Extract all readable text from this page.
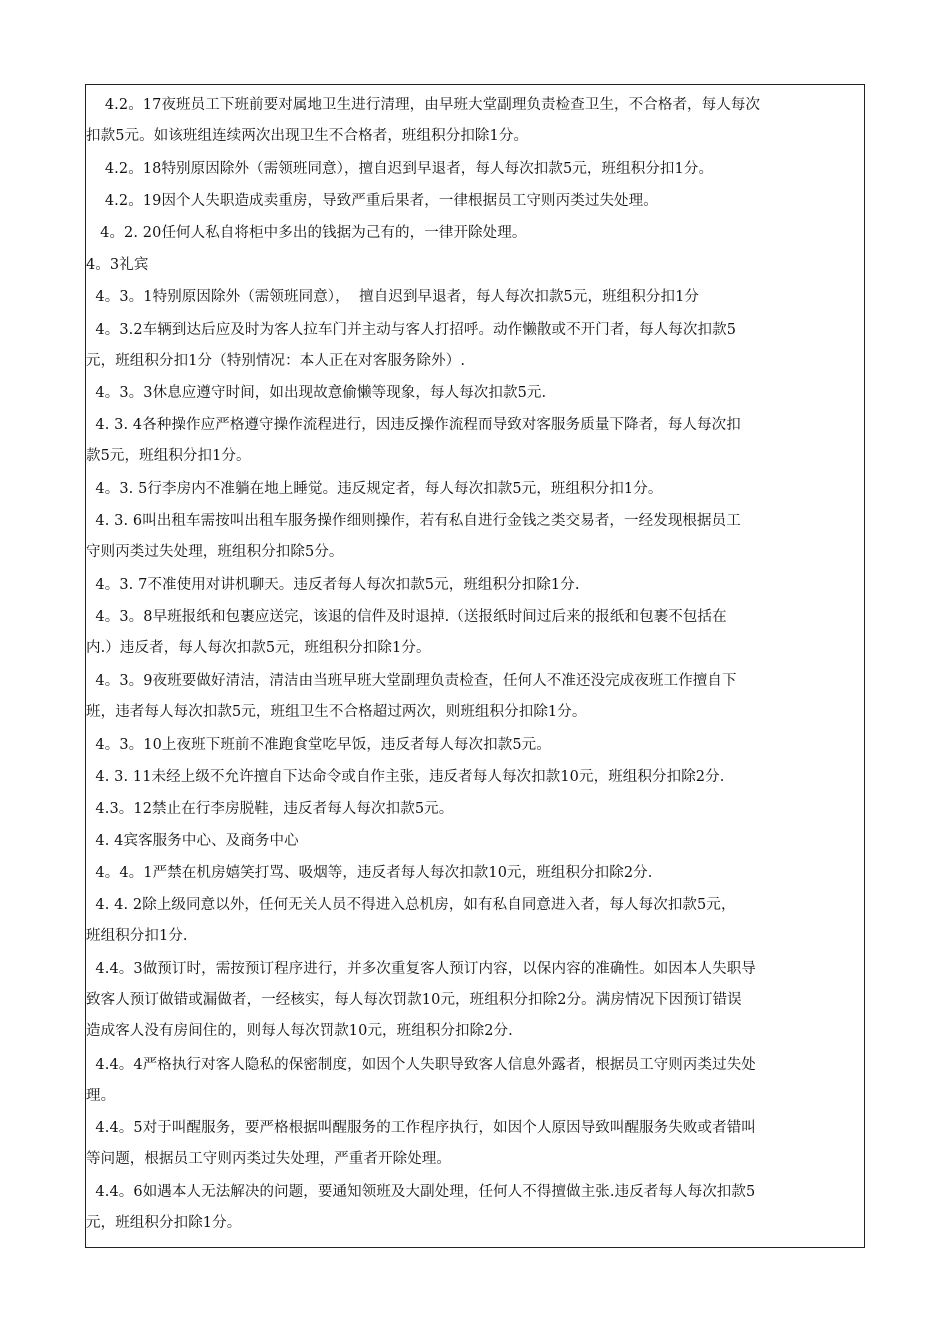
4.2。17夜班员工下班前要对属地卫生进行清理，由早班大堂副理负责检查卫生，不合格者，每人每次
扣款5元。如该班组连续两次出现卫生不合格者，班组积分扣除1分。
4.2。18特别原因除外（需领班同意），擅自迟到早退者，每人每次扣款5元，班组积分扣1分。
4.2。19因个人失职造成卖重房，导致严重后果者，一律根据员工守则丙类过失处理。
4。2. 20任何人私自将柜中多出的钱据为己有的，一律开除处理。
4。3礼宾
4。3。1特别原因除外（需领班同意），  擅自迟到早退者，每人每次扣款5元，班组积分扣1分
4。3.2车辆到达后应及时为客人拉车门并主动与客人打招呼。动作懒散或不开门者，每人每次扣款5
元，班组积分扣1分（特别情况：本人正在对客服务除外）.
4。3。3休息应遵守时间，如出现故意偷懒等现象，每人每次扣款5元.
4. 3. 4各种操作应严格遵守操作流程进行，因违反操作流程而导致对客服务质量下降者，每人每次扣
款5元，班组积分扣1分。
4。3. 5行李房内不准躺在地上睡觉。违反规定者，每人每次扣款5元，班组积分扣1分。
4. 3. 6叫出租车需按叫出租车服务操作细则操作，若有私自进行金钱之类交易者，一经发现根据员工
守则丙类过失处理，班组积分扣除5分。
4。3. 7不准使用对讲机聊天。违反者每人每次扣款5元，班组积分扣除1分.
4。3。8早班报纸和包裹应送完，该退的信件及时退掉.（送报纸时间过后来的报纸和包裹不包括在
内.）违反者，每人每次扣款5元，班组积分扣除1分。
4。3。9夜班要做好清洁，清洁由当班早班大堂副理负责检查，任何人不准还没完成夜班工作擅自下
班，违者每人每次扣款5元，班组卫生不合格超过两次，则班组积分扣除1分。
4。3。10上夜班下班前不准跑食堂吃早饭，违反者每人每次扣款5元。
4. 3. 11未经上级不允许擅自下达命令或自作主张，违反者每人每次扣款10元，班组积分扣除2分.
4.3。12禁止在行李房脱鞋，违反者每人每次扣款5元。
4. 4宾客服务中心、及商务中心
4。4。1严禁在机房嬉笑打骂、吸烟等，违反者每人每次扣款10元，班组积分扣除2分.
4. 4. 2除上级同意以外，任何无关人员不得进入总机房，如有私自同意进入者，每人每次扣款5元，
班组积分扣1分.
4.4。3做预订时，需按预订程序进行，并多次重复客人预订内容，以保内容的准确性。如因本人失职导
致客人预订做错或漏做者，一经核实，每人每次罚款10元，班组积分扣除2分。满房情况下因预订错误
造成客人没有房间住的，则每人每次罚款10元，班组积分扣除2分.
4.4。4严格执行对客人隐私的保密制度，如因个人失职导致客人信息外露者，根据员工守则丙类过失处
理。
4.4。5对于叫醒服务，要严格根据叫醒服务的工作程序执行，如因个人原因导致叫醒服务失败或者错叫
等问题，根据员工守则丙类过失处理，严重者开除处理。
4.4。6如遇本人无法解决的问题，要通知领班及大副处理，任何人不得擅做主张.违反者每人每次扣款5
元，班组积分扣除1分。
